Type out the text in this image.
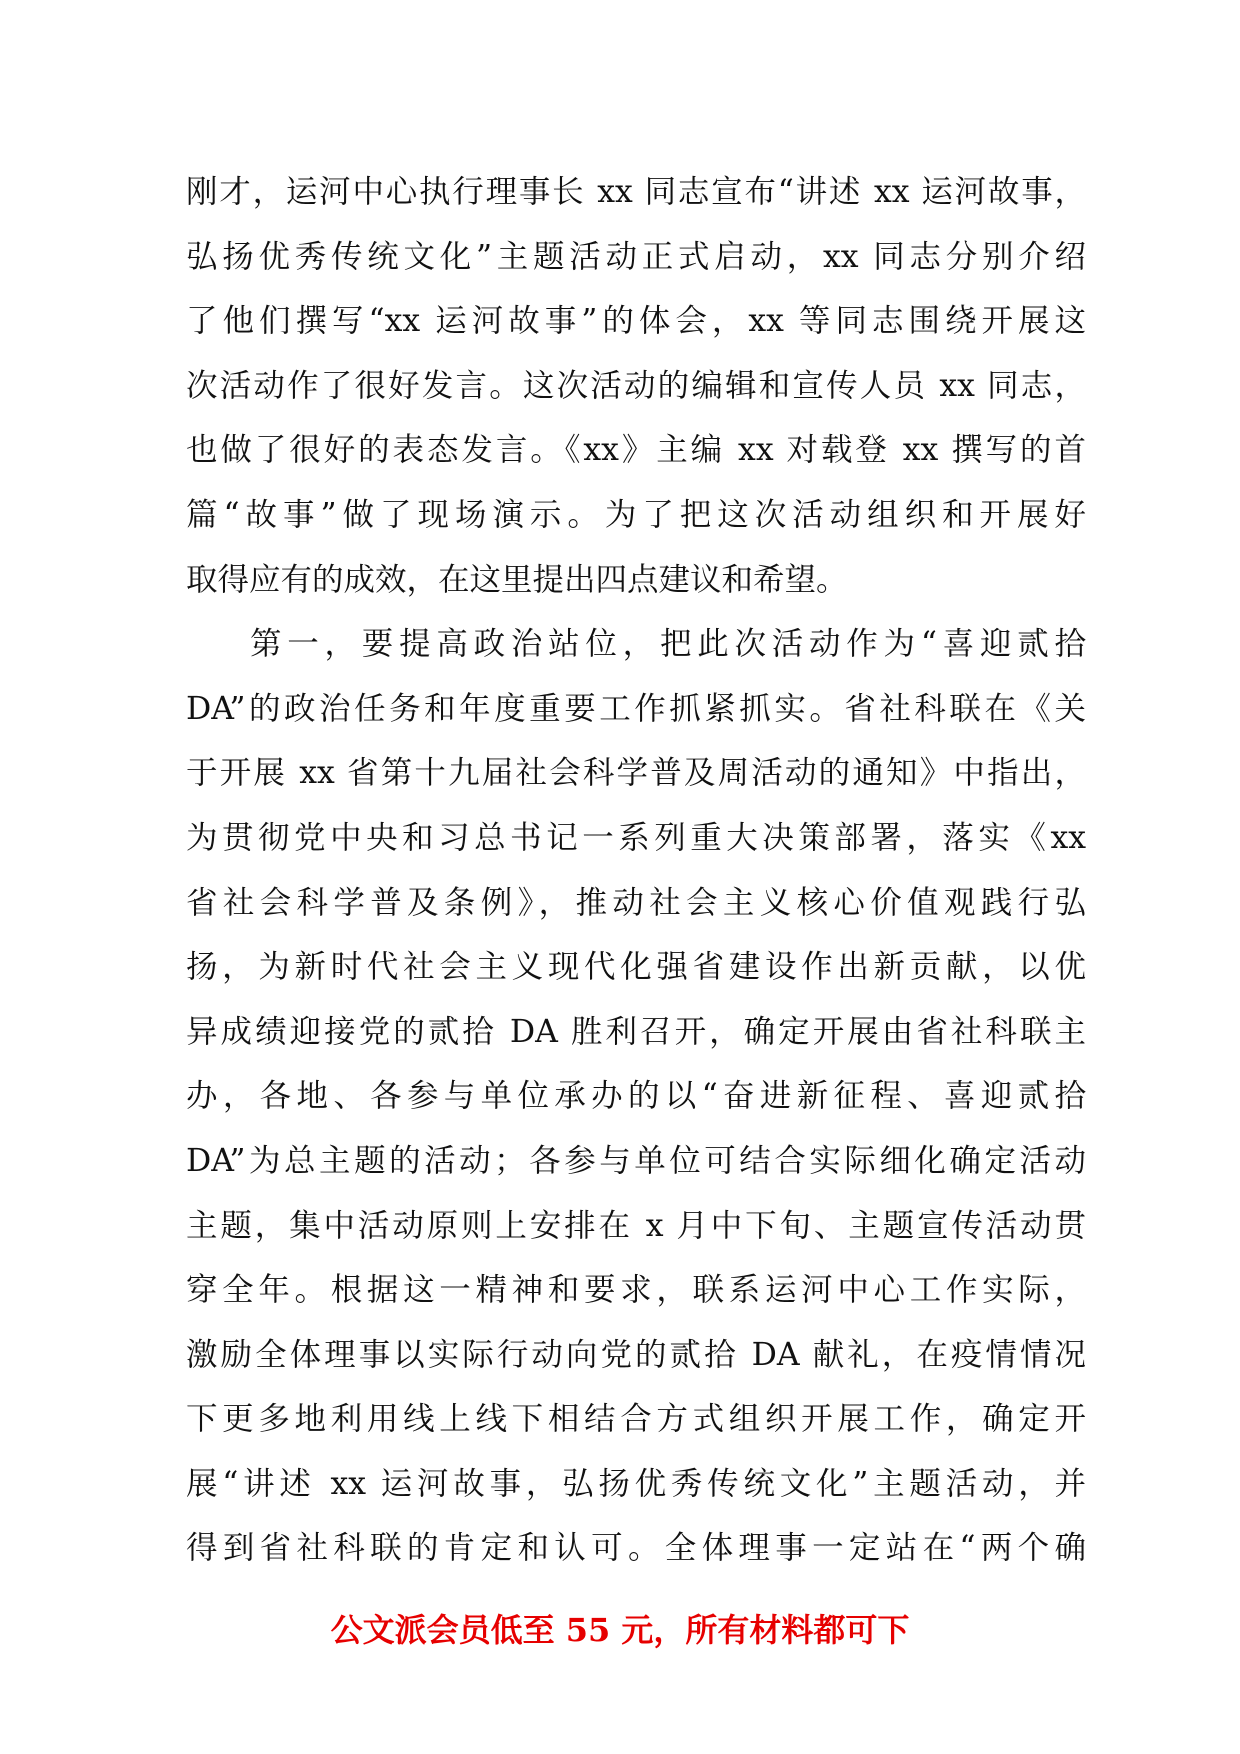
刚才，运河中心执行理事长 xx 同志宣布“讲述 xx 运河故事，
弘扬优秀传统文化”主题活动正式启动，xx 同志分别介绍
了他们撰写“xx 运河故事”的体会，xx 等同志围绕开展这
次活动作了很好发言。这次活动的编辑和宣传人员 xx 同志，
也做了很好的表态发言。《xx》主编 xx 对载登 xx 撰写的首
篇“故事”做了现场演示。为了把这次活动组织和开展好
取得应有的成效，在这里提出四点建议和希望。
第一，要提高政治站位，把此次活动作为“喜迎贰拾
DA”的政治任务和年度重要工作抓紧抓实。省社科联在《关
于开展 xx 省第十九届社会科学普及周活动的通知》中指出，
为贯彻党中央和习总书记一系列重大决策部署，落实《xx
省社会科学普及条例》，推动社会主义核心价值观践行弘
扬，为新时代社会主义现代化强省建设作出新贡献，以优
异成绩迎接党的贰拾 DA 胜利召开，确定开展由省社科联主
办，各地、各参与单位承办的以“奋进新征程、喜迎贰拾
DA”为总主题的活动；各参与单位可结合实际细化确定活动
主题，集中活动原则上安排在 x 月中下旬、主题宣传活动贯
穿全年。根据这一精神和要求，联系运河中心工作实际，
激励全体理事以实际行动向党的贰拾 DA 献礼，在疫情情况
下更多地利用线上线下相结合方式组织开展工作，确定开
展“讲述 xx 运河故事，弘扬优秀传统文化”主题活动，并
得到省社科联的肯定和认可。全体理事一定站在“两个确
公文派会员低至 55 元，所有材料都可下
